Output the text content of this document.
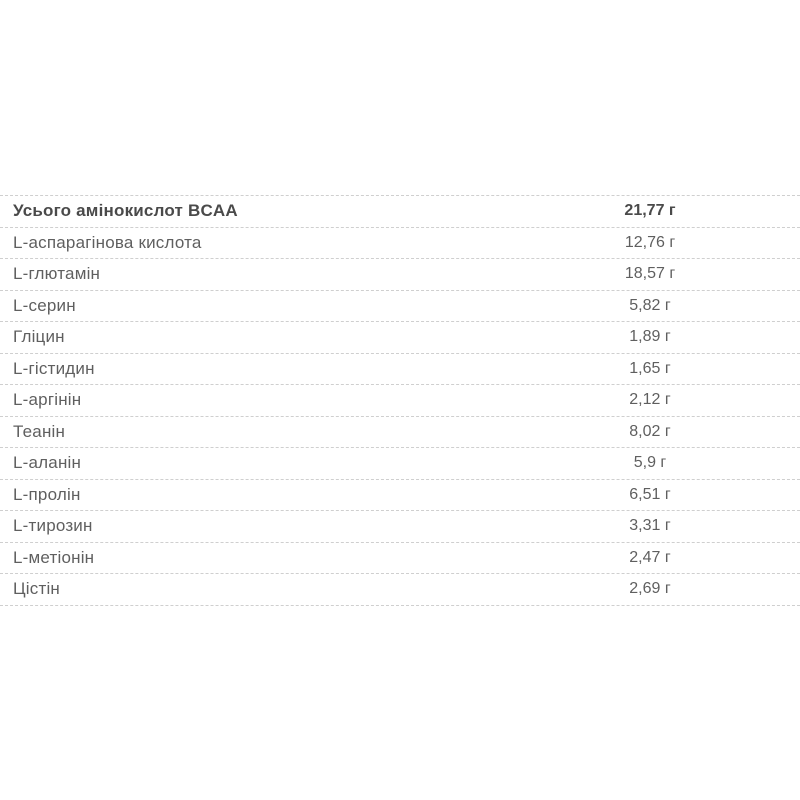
Усього амінокислот BCAA	21,77 г
L-аспарагінова кислота	12,76 г
L-глютамін	18,57 г
L-серин	5,82 г
Гліцин	1,89 г
L-гістидин	1,65 г
L-аргінін	2,12 г
Теанін	8,02 г
L-аланін	5,9 г
L-пролін	6,51 г
L-тирозин	3,31 г
L-метіонін	2,47 г
Цістін	2,69 г
